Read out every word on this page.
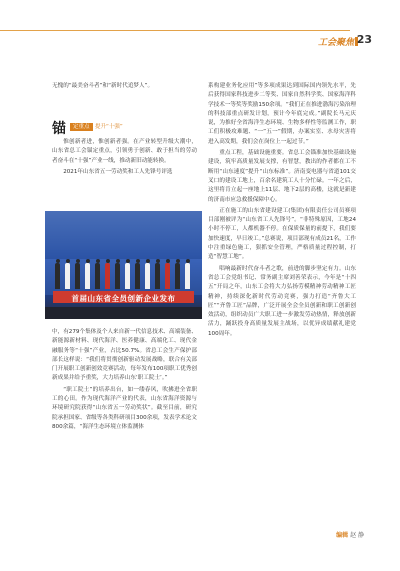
工会聚焦 23

无愧的“最美奋斗者”和“新时代追梦人”。

锚	定重点 提升“十强”

惟创新者进，惟创新者强。在产业转型升级大潮中，山东省总工会锚定重点，引领勇于创新、敢于担当的劳动者奋斗在“十强”产业一线，推动新旧动能转换。

2021年山东省五一劳动奖和工人先锋号评选

首届山东省全员创新企业发布

中，有279个集体及个人来自新一代信息技术、高端装备、新能源新材料、现代海洋、医养健康、高端化工、现代金融服务等“十强”产业，占比50.7%。省总工会生产保护部部长这样说：“我们将贯彻创新驱动发展战略，联合有关部门开展职工创新创效竞赛活动，每年发布100项职工优秀创新成果并给予重奖，大力培养山东‘职工院士’。”

“职工院士”的培养出台，如一缕春风，吹拂进全省职工的心田。作为现代海洋产业的代表，山东省海洋资源与环境研究院获得“山东省五一劳动奖状”。截至目前，研究院承担国家、省级等各类科研项目300余项，发表学术论文800余篇，“海洋生态环境立体监测体

系构建业务化应用”等多项成果达到国际国内领先水平，先后获得国家科技进步二等奖、国家自然科学奖、国家海洋科学技术一等奖等奖励150余项。“我们正在推进渤海污染治理的科技部重点研发计划，预计今年底完成。”副院长马元庆说，为推好全省海洋生态环境、生物多样性等监测工作，职工们积极攻难题、“一”五一”假期，办案实室、水母灾害将进入高发期，我们会在岗位上一起过节。”

重点工程，基础设施重要。省总工会锚准加快基础设施建设，筑牢高质量发展支撑，有智慧，教出的作者都在工不断用“山东速度”提升“山东标准”。济南变电器与省道101交叉口的建设工地上，百余名建筑工人十分忙碌。一年之后，这里将肯立起一座地上11层、地下2层的高楼，这就是新建的济南市应急救援保障中心。

正在施工的山东省建设建工(集团)有限责任公司员赛项目部刚被评为“山东省工人先锋号”。“非特殊原因，工地24小时不停工，人都机器不停。在保质保量的前提下，我们要加快速度，早日竣工。”总赛说，项目部现有成员21名，工作中注重绿色施工，狠抓安全管理，严格质量过程控制，打造“智慧工地”。

唱响最新时代奋斗者之歌，前进的脚步坚定有力。山东省总工会党组书记、常务副主席刘善荣表示，今年是“十四五”开局之年，山东工会将大力弘扬劳模精神劳动精神工匠精神，持续深化新时代劳动竞赛，强力打造“齐鲁大工匠”“齐鲁工匠”品牌，广泛开展全会全员创新和职工创新创效活动，组织动员广大职工进一步激发劳动热情，释放创新活力，踊跃投身高质量发展主战场，以优异成绩献礼建党100周年。

编辑 赵 静
